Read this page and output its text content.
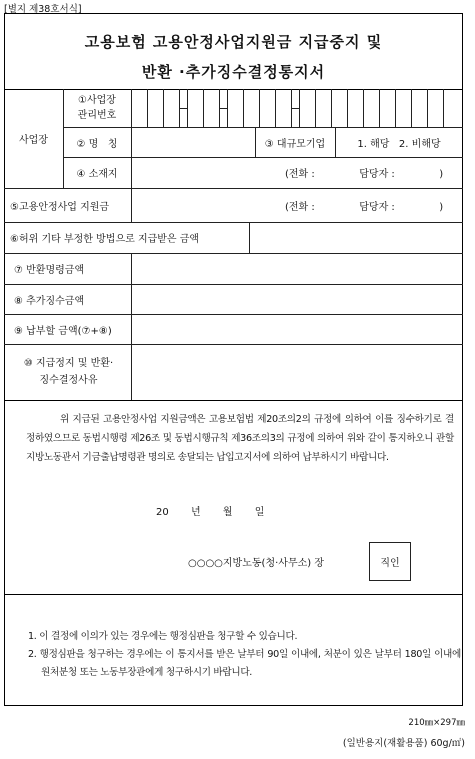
[별지 제38호서식]
고용보험 고용안정사업지원금 지급중지 및
반환 ·추가징수결정통지서
사업장
①사업장
관리번호
② 명   칭	③ 대규모기업	1. 해당   2. 비해당
④ 소재지	(전화 :              담당자 :              )
⑤고용안정사업 지원금	(전화 :              담당자 :              )
⑥허위 기타 부정한 방법으로 지급받은 금액
⑦ 반환명령금액
⑧ 추가징수금액
⑨ 납부할 금액(⑦+⑧)
⑩ 지급정지 및 반환·
징수결정사유
위 지급된 고용안정사업 지원금액은 고용보험법 제20조의2의 규정에 의하여 이를 징수하기로 결정하였으므로 동법시행령 제26조 및 동법시행규칙 제36조의3의 규정에 의하여 위와 같이 통지하오니 관할 지방노동관서 기금출납명령관 명의로 송달되는 납입고지서에 의하여 납부하시기 바랍니다.
20       년       월       일
○○○○지방노동(청·사무소) 장	직인
1. 이 결정에 이의가 있는 경우에는 행정심판을 청구할 수 있습니다.
2. 행정심판을 청구하는 경우에는 이 통지서를 받은 날부터 90일 이내에, 처분이 있은 날부터 180일 이내에 원처분청 또는 노동부장관에게 청구하시기 바랍니다.
210㎜×297㎜
(일반용지(재활용품) 60g/㎡)
